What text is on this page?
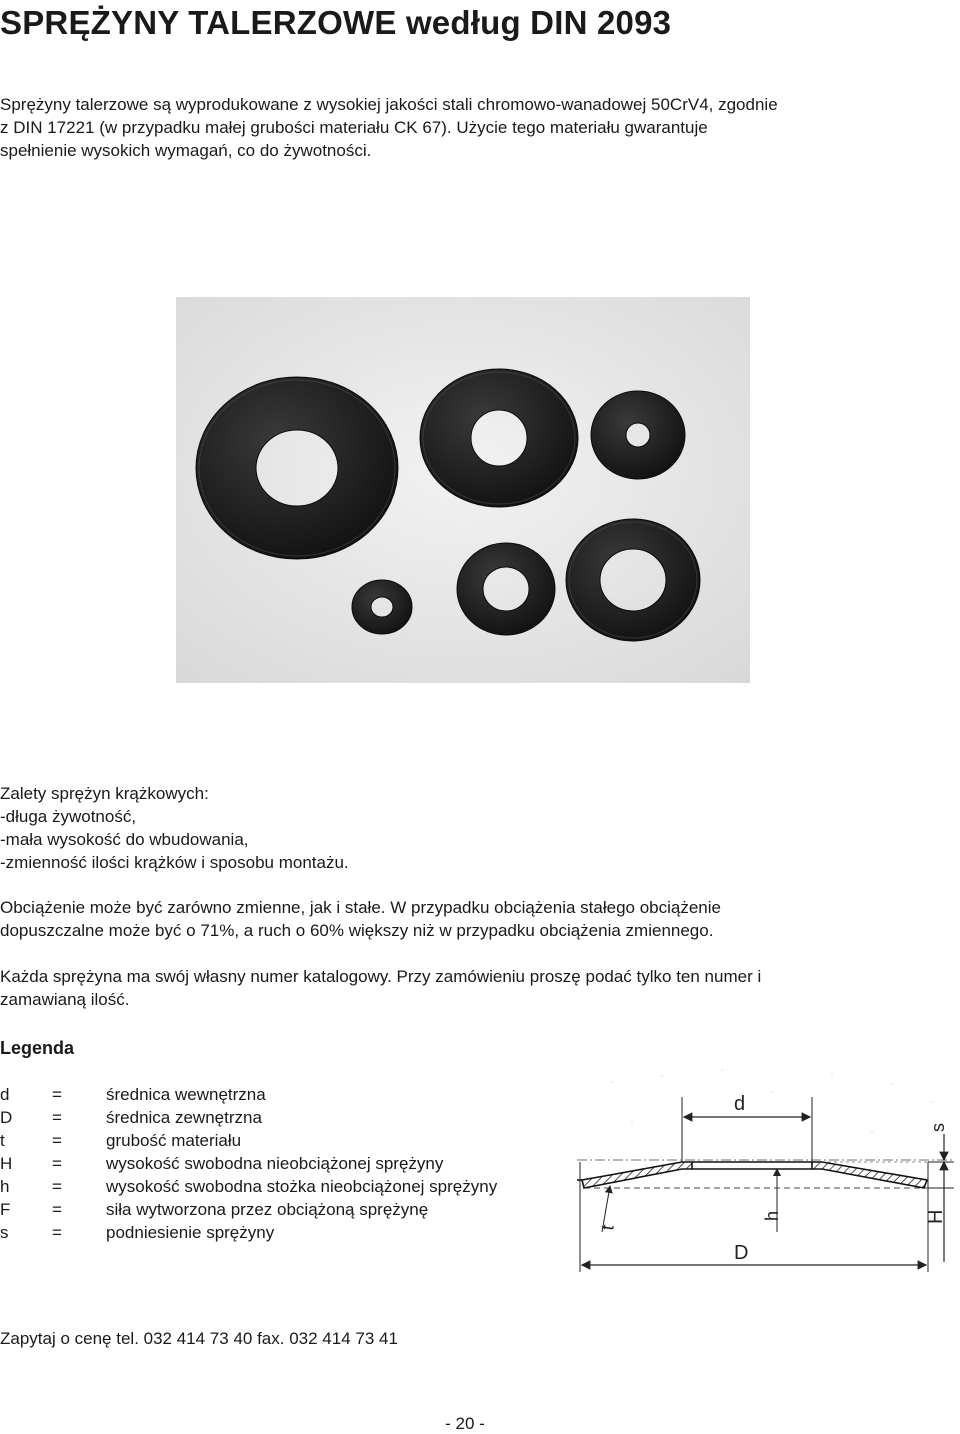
SPRĘŻYNY TALERZOWE według DIN 2093
Sprężyny talerzowe są wyprodukowane z wysokiej jakości stali chromowo-wanadowej 50CrV4, zgodnie
z DIN 17221 (w przypadku małej grubości materiału CK 67). Użycie tego materiału gwarantuje
spełnienie wysokich wymagań, co do żywotności.
Zalety sprężyn krążkowych:
-długa żywotność,
-mała wysokość do wbudowania,
-zmienność ilości krążków i sposobu montażu.
Obciążenie może być zarówno zmienne, jak i stałe. W przypadku obciążenia stałego obciążenie
dopuszczalne może być o 71%, a ruch o 60% większy niż w przypadku obciążenia zmiennego.
Każda sprężyna ma swój własny numer katalogowy. Przy zamówieniu proszę podać tylko ten numer i
zamawianą ilość.
Legenda
d	=	średnica wewnętrzna
D	=	średnica zewnętrzna
t	=	grubość materiału
H	=	wysokość swobodna nieobciążonej sprężyny
h	=	wysokość swobodna stożka nieobciążonej sprężyny
F	=	siła wytworzona przez obciążoną sprężynę
s	=	podniesienie sprężyny
d
D
t
h	H
s
Zapytaj o cenę tel. 032 414 73 40 fax. 032 414 73 41
- 20 -
